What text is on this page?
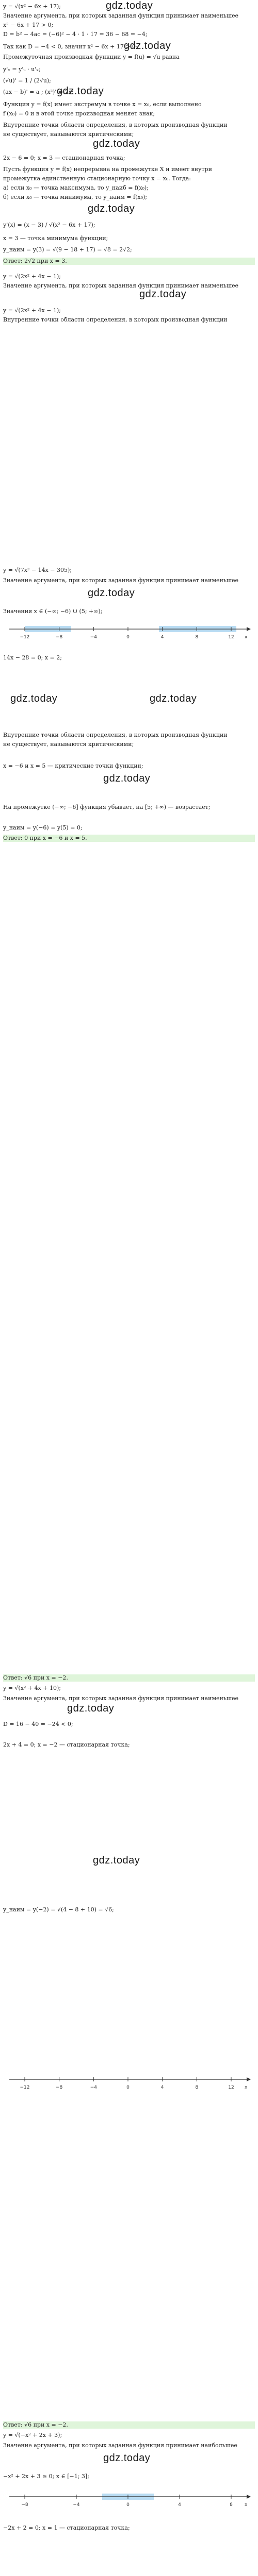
y = √(x² − 6x + 17);	gdz.today
Значение аргумента, при которых заданная функция принимает наименьшее
x² − 6x + 17 > 0;
D = b² − 4ac = (−6)² − 4 · 1 · 17 = 36 − 68 = −4;
Так как D = −4 < 0, значит x² − 6x + 17 > 0;
gdz.today
Промежуточная производная функции y = f(u) = √u равна
y'ₓ = y'ᵤ · u'ₓ;
(√u)' = 1 / (2√u);
(ax − b)' = a ; (x²)' = 2x;
gdz.today
Функция y = f(x) имеет экстремум в точке x = x₀, если выполнено
f'(x₀) = 0 и в этой точке производная меняет знак;
Внутренние точки области определения, в которых производная функции
не существует, называются критическими;
gdz.today
2x − 6 = 0; x = 3 — стационарная точка;
Пусть функция y = f(x) непрерывна на промежутке X и имеет внутри
промежутка единственную стационарную точку x = x₀. Тогда:
а) если x₀ — точка максимума, то y_наиб = f(x₀);
б) если x₀ — точка минимума, то y_наим = f(x₀);
gdz.today
y'(x) = (x − 3) / √(x² − 6x + 17);
x = 3 — точка минимума функции;
y_наим = y(3) = √(9 − 18 + 17) = √8 = 2√2;
Ответ: 2√2 при x = 3.
y = √(2x² + 4x − 1);
Значение аргумента, при которых заданная функция принимает наименьшее
gdz.today
y = √(2x² + 4x − 1);
Внутренние точки области определения, в которых производная функции
y = √(7x² − 14x − 305);
Значение аргумента, при которых заданная функция принимает наименьшее
gdz.today
Значения x ∈ (−∞; −6) ∪ (5; +∞);
−12	−8	−4	0	4	8	12 x
14x − 28 = 0; x = 2;
gdz.today	gdz.today
Внутренние точки области определения, в которых производная функции
не существует, называются критическими;
x = −6 и x = 5 — критические точки функции;
gdz.today
На промежутке (−∞; −6] функция убывает, на [5; +∞) — возрастает;
y_наим = y(−6) = y(5) = 0;
Ответ: 0 при x = −6 и x = 5.
Ответ: √6 при x = −2.
y = √(x² + 4x + 10);
Значение аргумента, при которых заданная функция принимает наименьшее
gdz.today
D = 16 − 40 = −24 < 0;
2x + 4 = 0; x = −2 — стационарная точка;
gdz.today
y_наим = y(−2) = √(4 − 8 + 10) = √6;
−12	−8	−4	0	4	8	12 x
Ответ: √6 при x = −2.
y = √(−x² + 2x + 3);
Значение аргумента, при которых заданная функция принимает наибольшее
gdz.today
−x² + 2x + 3 ≥ 0; x ∈ [−1; 3];
−8	−4	0	4	8	x
−2x + 2 = 0; x = 1 — стационарная точка;
